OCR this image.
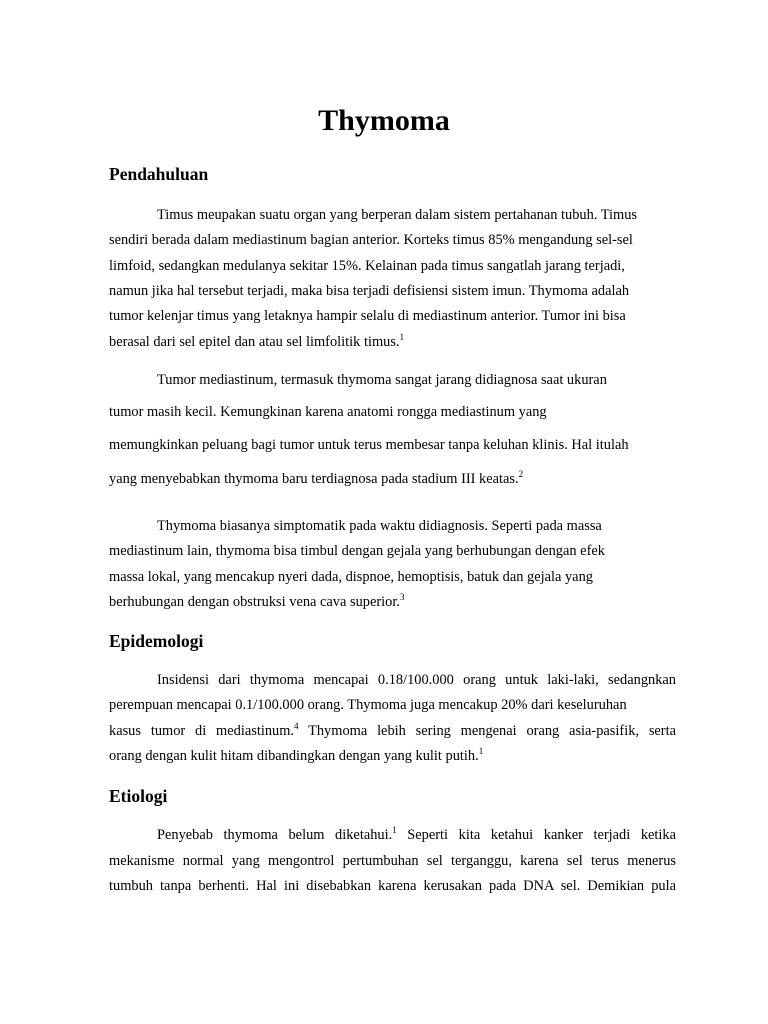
Thymoma
Pendahuluan
Timus meupakan suatu organ yang berperan dalam sistem pertahanan tubuh. Timus
sendiri berada dalam mediastinum bagian anterior. Korteks timus 85% mengandung sel-sel
limfoid, sedangkan medulanya sekitar 15%. Kelainan pada timus sangatlah jarang terjadi,
namun jika hal tersebut terjadi, maka bisa terjadi defisiensi sistem imun. Thymoma adalah
tumor kelenjar timus yang letaknya hampir selalu di mediastinum anterior. Tumor ini bisa
berasal dari sel epitel dan atau sel limfolitik timus.$^1$
Tumor mediastinum, termasuk thymoma sangat jarang didiagnosa saat ukuran
tumor masih kecil. Kemungkinan karena anatomi rongga mediastinum yang
memungkinkan peluang bagi tumor untuk terus membesar tanpa keluhan klinis. Hal itulah
yang menyebabkan thymoma baru terdiagnosa pada stadium III keatas.$^2$
Thymoma biasanya simptomatik pada waktu didiagnosis. Seperti pada massa
mediastinum lain, thymoma bisa timbul dengan gejala yang berhubungan dengan efek
massa lokal, yang mencakup nyeri dada, dispnoe, hemoptisis, batuk dan gejala yang
berhubungan dengan obstruksi vena cava superior.$^3$
Epidemologi
Insidensi dari thymoma mencapai 0.18/100.000 orang untuk laki-laki, sedangnkan
perempuan mencapai 0.1/100.000 orang. Thymoma juga mencakup 20% dari keseluruhan
kasus tumor di mediastinum.$^4$ Thymoma lebih sering mengenai orang asia-pasifik, serta
orang dengan kulit hitam dibandingkan dengan yang kulit putih.$^1$
Etiologi
Penyebab thymoma belum diketahui.$^1$ Seperti kita ketahui kanker terjadi ketika
mekanisme normal yang mengontrol pertumbuhan sel terganggu, karena sel terus menerus
tumbuh tanpa berhenti. Hal ini disebabkan karena kerusakan pada DNA sel. Demikian pula
